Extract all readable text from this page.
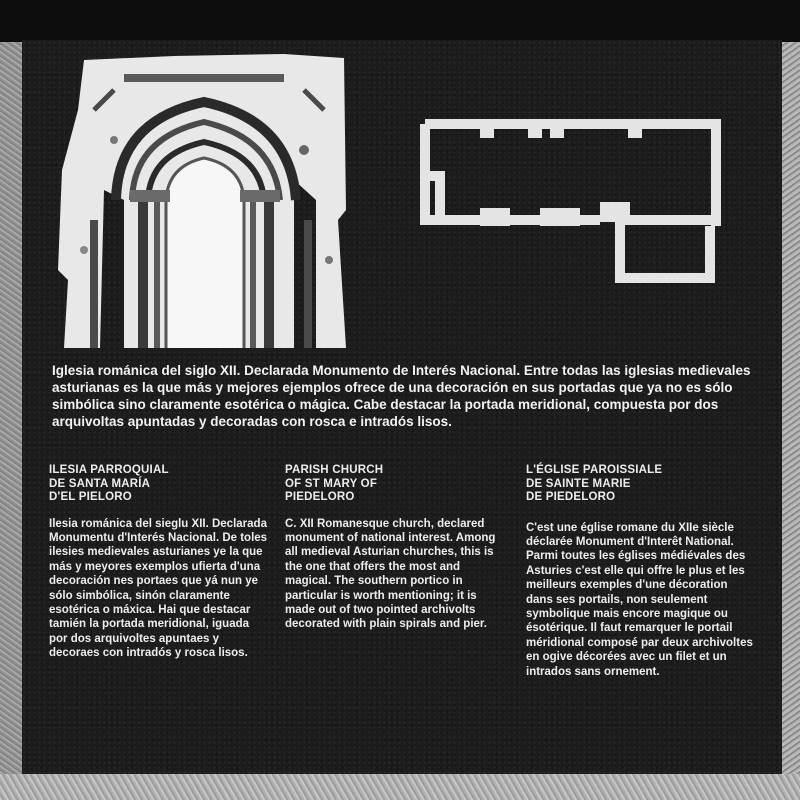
Iglesia románica del siglo XII. Declarada Monumento de Interés Nacional. Entre todas las iglesias medievales asturianas es la que más y mejores ejemplos ofrece de una decoración en sus portadas que ya no es sólo simbólica sino claramente esotérica o mágica. Cabe destacar la portada meridional, compuesta por dos arquivoltas apuntadas y decoradas con rosca e intradós lisos.

ILESIA PARROQUIAL
DE SANTA MARÍA
D'EL PIELORO

Ilesia románica del sieglu XII. Declarada Monumentu d'Interés Nacional. De toles ilesies medievales asturianes ye la que más y meyores exemplos ufierta d'una decoración nes portaes que yá nun ye sólo simbólica, sinón claramente esotérica o máxica. Hai que destacar tamién la portada meridional, iguada por dos arquivoltes apuntaes y decoraes con intradós y rosca lisos.

PARISH CHURCH
OF ST MARY OF
PIEDELORO

C. XII Romanesque church, declared monument of national interest. Among all medieval Asturian churches, this is the one that offers the most and magical. The southern portico in particular is worth mentioning; it is made out of two pointed archivolts decorated with plain spirals and pier.

L'ÉGLISE PAROISSIALE
DE SAINTE MARIE
DE PIEDELORO

C'est une église romane du XIIe siècle déclarée Monument d'Interêt National. Parmi toutes les églises médiévales des Asturies c'est elle qui offre le plus et les meilleurs exemples d'une décoration dans ses portails, non seulement symbolique mais encore magique ou ésotérique. Il faut remarquer le portail méridional composé par deux archivoltes en ogive décorées avec un filet et un intrados sans ornement.
